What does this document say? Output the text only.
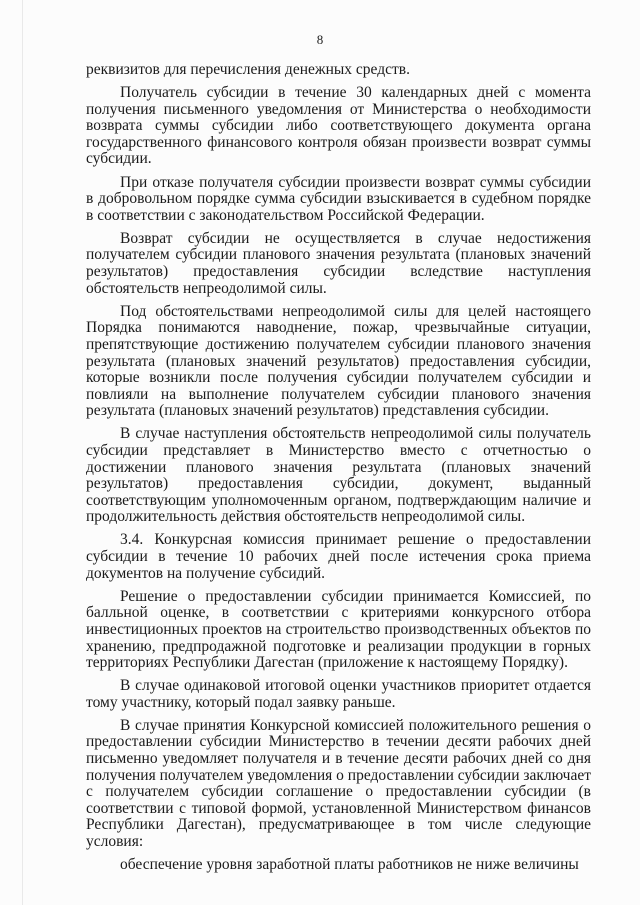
8

реквизитов для перечисления денежных средств.

Получатель субсидии в течение 30 календарных дней с момента получения письменного уведомления от Министерства о необходимости возврата суммы субсидии либо соответствующего документа органа государственного финансового контроля обязан произвести возврат суммы субсидии.

При отказе получателя субсидии произвести возврат суммы субсидии в добровольном порядке сумма субсидии взыскивается в судебном порядке в соответствии с законодательством Российской Федерации.

Возврат субсидии не осуществляется в случае недостижения получателем субсидии планового значения результата (плановых значений результатов) предоставления субсидии вследствие наступления обстоятельств непреодолимой силы.

Под обстоятельствами непреодолимой силы для целей настоящего Порядка понимаются наводнение, пожар, чрезвычайные ситуации, препятствующие достижению получателем субсидии планового значения результата (плановых значений результатов) предоставления субсидии, которые возникли после получения субсидии получателем субсидии и повлияли на выполнение получателем субсидии планового значения результата (плановых значений результатов) представления субсидии.

В случае наступления обстоятельств непреодолимой силы получатель субсидии представляет в Министерство вместо с отчетностью о достижении планового значения результата (плановых значений результатов) предоставления субсидии, документ, выданный соответствующим уполномоченным органом, подтверждающим наличие и продолжительность действия обстоятельств непреодолимой силы.

3.4. Конкурсная комиссия принимает решение о предоставлении субсидии в течение 10 рабочих дней после истечения срока приема документов на получение субсидий.

Решение о предоставлении субсидии принимается Комиссией, по балльной оценке, в соответствии с критериями конкурсного отбора инвестиционных проектов на строительство производственных объектов по хранению, предпродажной подготовке и реализации продукции в горных территориях Республики Дагестан (приложение к настоящему Порядку).

В случае одинаковой итоговой оценки участников приоритет отдается тому участнику, который подал заявку раньше.

В случае принятия Конкурсной комиссией положительного решения о предоставлении субсидии Министерство в течении десяти рабочих дней письменно уведомляет получателя и в течение десяти рабочих дней со дня получения получателем уведомления о предоставлении субсидии заключает с получателем субсидии соглашение о предоставлении субсидии (в соответствии с типовой формой, установленной Министерством финансов Республики Дагестан), предусматривающее в том числе следующие условия:

обеспечение уровня заработной платы работников не ниже величины
